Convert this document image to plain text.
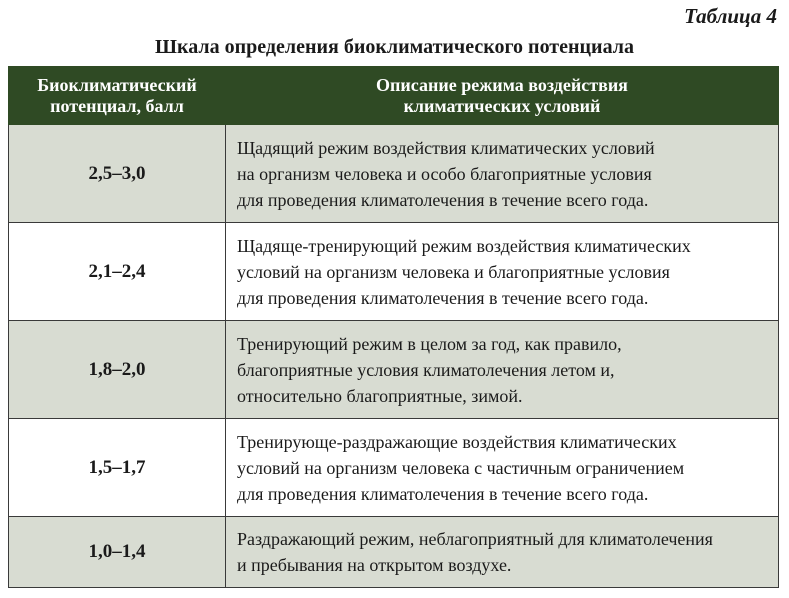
Таблица 4

Шкала определения биоклиматического потенциала
Биоклиматический
потенциал, балл	Описание режима воздействия
климатических условий
2,5–3,0	Щадящий режим воздействия климатических условий
на организм человека и особо благоприятные условия
для проведения климатолечения в течение всего года.

2,1–2,4	Щадяще-тренирующий режим воздействия климатических
условий на организм человека и благоприятные условия
для проведения климатолечения в течение всего года.

1,8–2,0	Тренирующий режим в целом за год, как правило,
благоприятные условия климатолечения летом и,
относительно благоприятные, зимой.

1,5–1,7	Тренирующе-раздражающие воздействия климатических
условий на организм человека с частичным ограничением
для проведения климатолечения в течение всего года.

1,0–1,4	Раздражающий режим, неблагоприятный для климатолечения
и пребывания на открытом воздухе.
